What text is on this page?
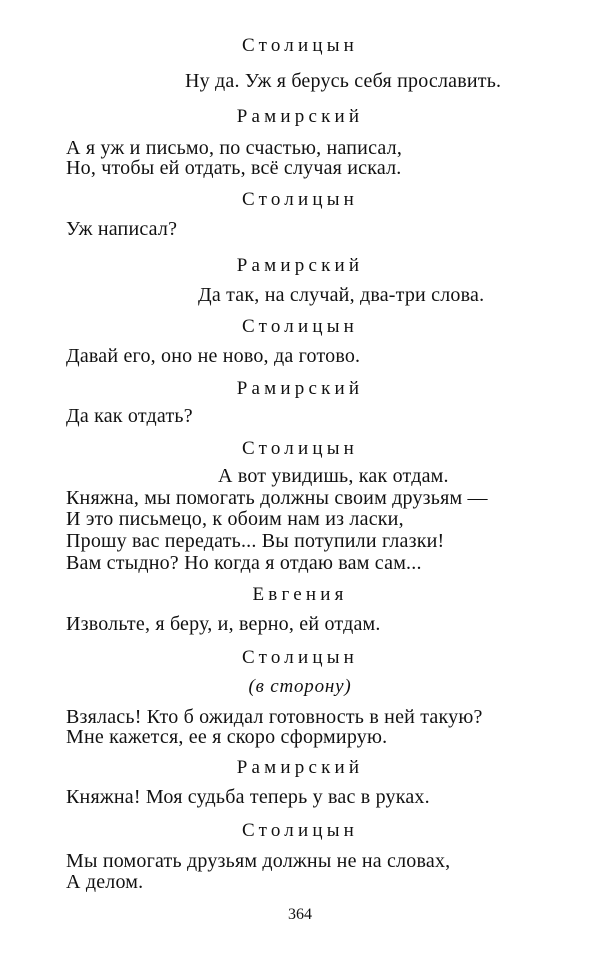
Столицын
Ну да. Уж я берусь себя прославить.
Рамирский
А я уж и письмо, по счастью, написал,
Но, чтобы ей отдать, всё случая искал.
Столицын
Уж написал?
Рамирский
Да так, на случай, два-три слова.
Столицын
Давай его, оно не ново, да готово.
Рамирский
Да как отдать?
Столицын
А вот увидишь, как отдам.
Княжна, мы помогать должны своим друзьям —
И это письмецо, к обоим нам из ласки,
Прошу вас передать... Вы потупили глазки!
Вам стыдно? Но когда я отдаю вам сам...
Евгения
Извольте, я беру, и, верно, ей отдам.
Столицын
(в сторону)
Взялась! Кто б ожидал готовность в ней такую?
Мне кажется, ее я скоро сформирую.
Рамирский
Княжна! Моя судьба теперь у вас в руках.
Столицын
Мы помогать друзьям должны не на словах,
А делом.
364
